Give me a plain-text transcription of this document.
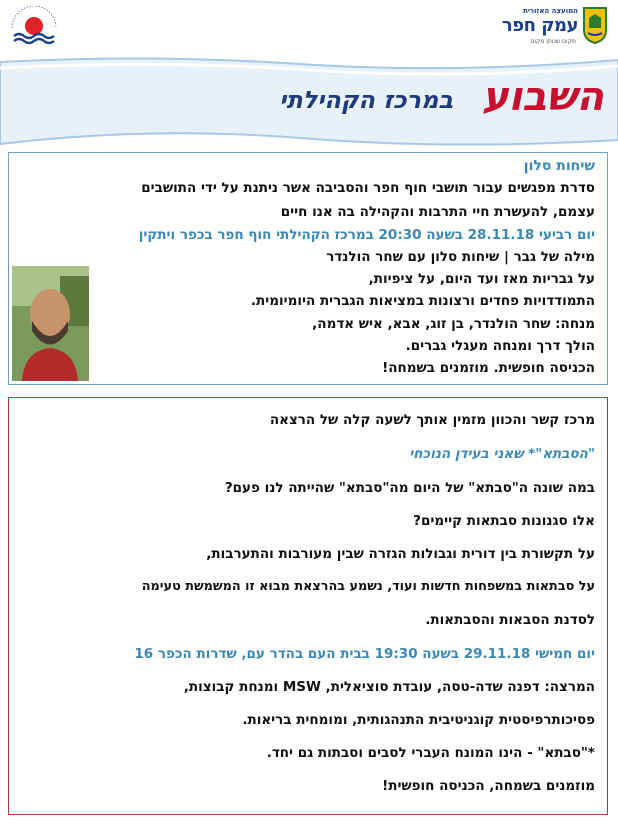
המועצה האזורית
עמק חפר
מקום שנותן מקום
השבוע
במרכז הקהילתי
שיחות סלון
סדרת מפגשים עבור תושבי חוף חפר והסביבה אשר ניתנת על ידי התושבים
עצמם, להעשרת חיי התרבות והקהילה בה אנו חיים
יום רביעי 28.11.18 בשעה 20:30 במרכז הקהילתי חוף חפר בכפר ויתקין
מילה של גבר | שיחות סלון עם שחר הולנדר
על גבריות מאז ועד היום, על ציפיות,
התמודדויות פחדים ורצונות במציאות הגברית היומיומית.
מנחה: שחר הולנדר, בן זוג, אבא, איש אדמה,
הולך דרך ומנחה מעגלי גברים.
הכניסה חופשית. מוזמנים בשמחה!
מרכז קשר והכוון מזמין אותך לשעה קלה של הרצאה
"הסבתא"* שאני בעידן הנוכחי
במה שונה ה"סבתא" של היום מה"סבתא" שהייתה לנו פעם?
אלו סגנונות סבתאות קיימים?
על תקשורת בין דורית וגבולות הגזרה שבין מעורבות והתערבות,
על סבתאות במשפחות חדשות ועוד, נשמע בהרצאת מבוא זו המשמשת טעימה
לסדנת הסבאות והסבתאות.
יום חמישי 29.11.18 בשעה 19:30 בבית העם בהדר עם, שדרות הכפר 16
המרצה: דפנה שדה-טסה, עובדת סוציאלית, MSW ומנחת קבוצות,
פסיכותרפיסטית קוגניטיבית התנהגותית, ומומחית בריאות.
*"סבתא" - הינו המונח העברי לסבים וסבתות גם יחד.
מוזמנים בשמחה, הכניסה חופשית!
